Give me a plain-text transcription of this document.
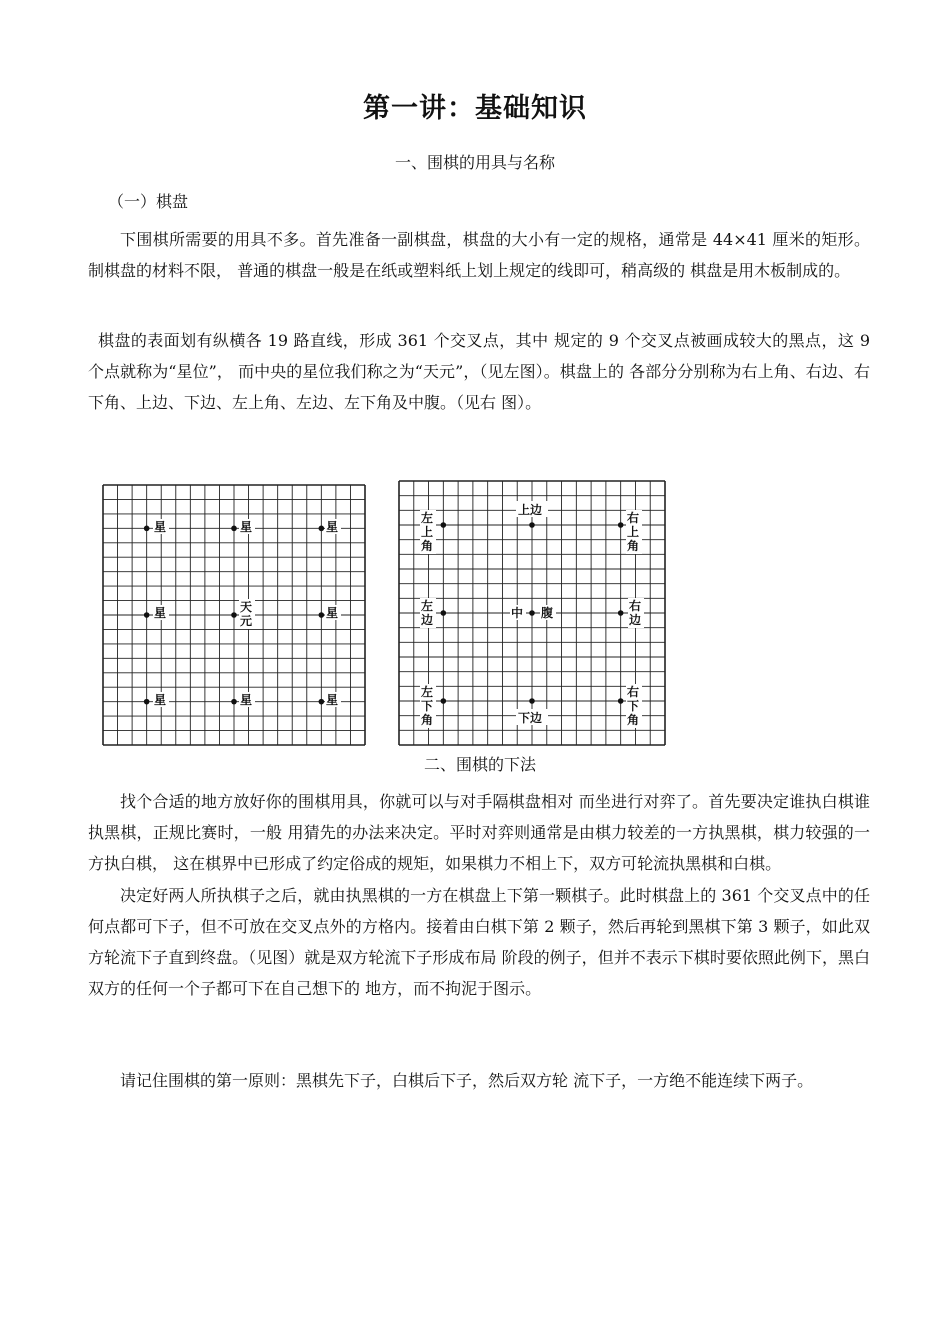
第一讲：基础知识
一、围棋的用具与名称
（一）棋盘

下围棋所需要的用具不多。首先准备一副棋盘，棋盘的大小有一定的规格，通常是 44×41 厘米的矩形。制棋盘的材料不限， 普通的棋盘一般是在纸或塑料纸上划上规定的线即可，稍高级的 棋盘是用木板制成的。

棋盘的表面划有纵横各 19 路直线，形成 361 个交叉点，其中 规定的 9 个交叉点被画成较大的黑点，这 9 个点就称为“星位”， 而中央的星位我们称之为“天元”，（见左图）。棋盘上的 各部分分别称为右上角、右边、右下角、上边、下边、左上角、左边、左下角及中腹。（见右 图）。

星	星	星
星	天
元
星
星	星	星
左
上
角
上边
右
上
角
左
边	中 腹	右
边
左
下
角	下边
右
下
角
二、围棋的下法

找个合适的地方放好你的围棋用具，你就可以与对手隔棋盘相对 而坐进行对弈了。首先要决定谁执白棋谁执黑棋，正规比赛时，一般 用猜先的办法来决定。平时对弈则通常是由棋力较差的一方执黑棋，棋力较强的一方执白棋， 这在棋界中已形成了约定俗成的规矩，如果棋力不相上下，双方可轮流执黑棋和白棋。

决定好两人所执棋子之后，就由执黑棋的一方在棋盘上下第一颗棋子。此时棋盘上的 361 个交叉点中的任何点都可下子，但不可放在交叉点外的方格内。接着由白棋下第 2 颗子，然后再轮到黑棋下第 3 颗子，如此双方轮流下子直到终盘。（见图）就是双方轮流下子形成布局 阶段的例子，但并不表示下棋时要依照此例下，黑白双方的任何一个子都可下在自己想下的 地方，而不拘泥于图示。

请记住围棋的第一原则：黑棋先下子，白棋后下子，然后双方轮 流下子，一方绝不能连续下两子。
